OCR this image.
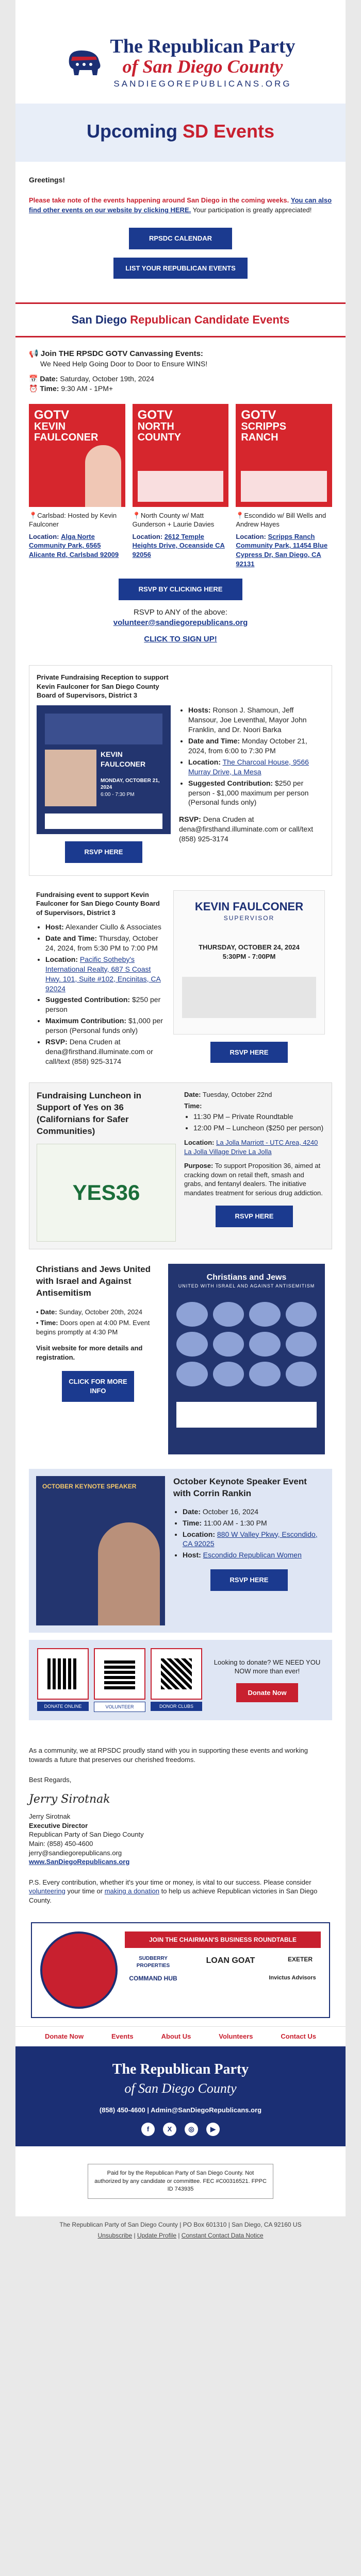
The Republican Party
of San Diego County
SANDIEGOREPUBLICANS.ORG
Upcoming SD Events
Greetings!

Please take note of the events happening around San Diego in the coming weeks. You can also find other events on our website by clicking HERE. Your participation is greatly appreciated!

RPSDC CALENDAR
LIST YOUR REPUBLICAN EVENTS
San Diego Republican Candidate Events
📢 Join THE RPSDC GOTV Canvassing Events:
We Need Help Going Door to Door to Ensure WINS!
📅 Date: Saturday, October 19th, 2024
⏰ Time: 9:30 AM - 1PM+
GOTV
KEVIN FAULCONER
📍Carlsbad: Hosted by Kevin Faulconer
Location: Alga Norte Community Park, 6565 Alicante Rd, Carlsbad 92009
GOTV
NORTH COUNTY
📍North County w/ Matt Gunderson + Laurie Davies
Location: 2612 Temple Heights Drive, Oceanside CA 92056
GOTV
SCRIPPS RANCH
📍Escondido w/ Bill Wells and Andrew Hayes
Location: Scripps Ranch Community Park, 11454 Blue Cypress Dr, San Diego, CA 92131
RSVP BY CLICKING HERE
RSVP to ANY of the above:
volunteer@sandiegorepublicans.org
CLICK TO SIGN UP!
Private Fundraising Reception to support Kevin Faulconer for San Diego County Board of Supervisors, District 3
KEVIN FAULCONER
MONDAY, OCTOBER 21, 2024
6:00 - 7:30 PM
RSVP HERE
• Hosts: Ronson J. Shamoun, Jeff Mansour, Joe Leventhal, Mayor John Franklin, and Dr. Noori Barka
• Date and Time: Monday October 21, 2024, from 6:00 to 7:30 PM
• Location: The Charcoal House, 9566 Murray Drive, La Mesa
• Suggested Contribution: $250 per person - $1,000 maximum per person (Personal funds only)
RSVP: Dena Cruden at dena@firsthand.illuminate.com or call/text (858) 925-3174
Fundraising event to support Kevin Faulconer for San Diego County Board of Supervisors, District 3
• Host: Alexander Ciullo & Associates
• Date and Time: Thursday, October 24, 2024, from 5:30 PM to 7:00 PM
• Location: Pacific Sotheby's International Realty, 687 S Coast Hwy. 101, Suite #102, Encinitas, CA 92024
• Suggested Contribution: $250 per person
• Maximum Contribution: $1,000 per person (Personal funds only)
• RSVP: Dena Cruden at dena@firsthand.illuminate.com or call/text (858) 925-3174
KEVIN FAULCONER
SUPERVISOR
THURSDAY, OCTOBER 24, 2024
5:30PM - 7:00PM
RSVP HERE
Fundraising Luncheon in Support of Yes on 36 (Californians for Safer Communities)
YES36
Date: Tuesday, October 22nd
Time:
• 11:30 PM – Private Roundtable
• 12:00 PM – Luncheon ($250 per person)
Location: La Jolla Marriott - UTC Area, 4240 La Jolla Village Drive La Jolla
Purpose: To support Proposition 36, aimed at cracking down on retail theft, smash and grabs, and fentanyl dealers. The initiative mandates treatment for serious drug addiction.
RSVP HERE
Christians and Jews United with Israel and Against Antisemitism
• Date: Sunday, October 20th, 2024
• Time: Doors open at 4:00 PM. Event begins promptly at 4:30 PM
Visit website for more details and registration.
CLICK FOR MORE INFO
Christians and Jews
UNITED WITH ISRAEL AND AGAINST ANTISEMITISM
OCTOBER KEYNOTE SPEAKER	October Keynote Speaker Event with Corrin Rankin
• Date: October 16, 2024
• Time: 11:00 AM - 1:30 PM
• Location: 880 W Valley Pkwy, Escondido, CA 92025
• Host: Escondido Republican Women
RSVP HERE
DONATE ONLINE	VOLUNTEER	DONOR CLUBS
Looking to donate? WE NEED YOU NOW more than ever!
Donate Now

As a community, we at RPSDC proudly stand with you in supporting these events and working towards a future that preserves our cherished freedoms.

Best Regards,

Jerry Sirotnak
Jerry Sirotnak
Executive Director
Republican Party of San Diego County
Main: (858) 450-4600
jerry@sandiegorepublicans.org
www.SanDiegoRepublicans.org

P.S. Every contribution, whether it's your time or money, is vital to our success. Please consider volunteering your time or making a donation to help us achieve Republican victories in San Diego County.

JOIN THE CHAIRMAN'S BUSINESS ROUNDTABLE
SUDBERRY PROPERTIES
LOAN GOAT	EXETER
COMMAND HUB	Invictus Advisors
Donate Now	Events	About Us	Volunteers	Contact Us
The Republican Party
of San Diego County
(858) 450-4600 | Admin@SanDiegoRepublicans.org
f	X	◎	▶
Paid for by the Republican Party of San Diego County. Not authorized by any candidate or committee. FEC #C00316521. FPPC ID 743935
The Republican Party of San Diego County | PO Box 601310 | San Diego, CA 92160 US
Unsubscribe | Update Profile | Constant Contact Data Notice
